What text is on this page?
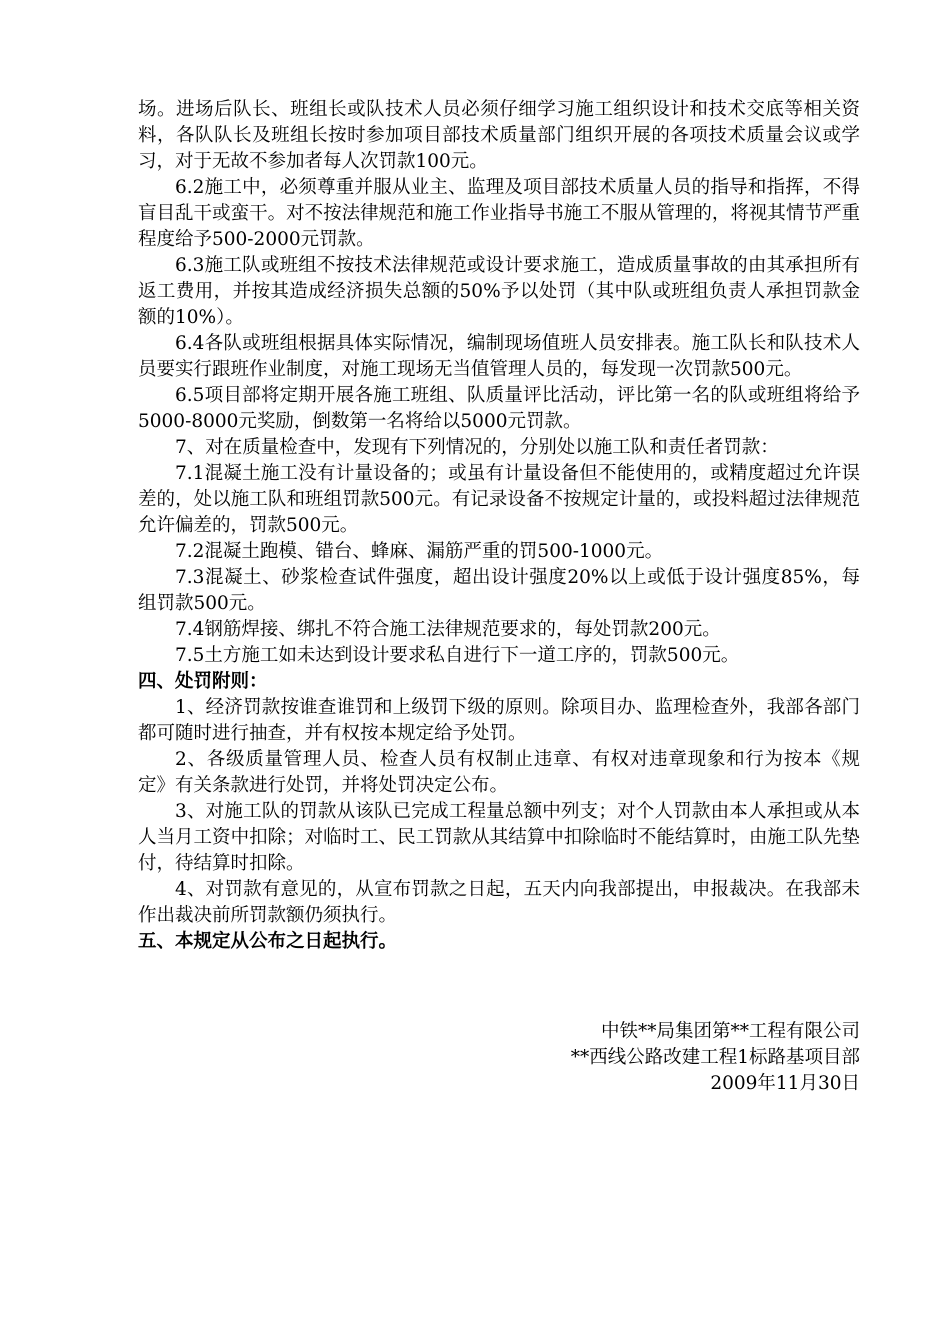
场。进场后队长、班组长或队技术人员必须仔细学习施工组织设计和技术交底等相关资料，各队队长及班组长按时参加项目部技术质量部门组织开展的各项技术质量会议或学习，对于无故不参加者每人次罚款100元。

6.2施工中，必须尊重并服从业主、监理及项目部技术质量人员的指导和指挥，不得盲目乱干或蛮干。对不按法律规范和施工作业指导书施工不服从管理的，将视其情节严重程度给予500-2000元罚款。

6.3施工队或班组不按技术法律规范或设计要求施工，造成质量事故的由其承担所有返工费用，并按其造成经济损失总额的50%予以处罚（其中队或班组负责人承担罚款金额的10%）。

6.4各队或班组根据具体实际情况，编制现场值班人员安排表。施工队长和队技术人员要实行跟班作业制度，对施工现场无当值管理人员的，每发现一次罚款500元。

6.5项目部将定期开展各施工班组、队质量评比活动，评比第一名的队或班组将给予5000-8000元奖励，倒数第一名将给以5000元罚款。

7、对在质量检查中，发现有下列情况的，分别处以施工队和责任者罚款：

7.1混凝土施工没有计量设备的；或虽有计量设备但不能使用的，或精度超过允许误差的，处以施工队和班组罚款500元。有记录设备不按规定计量的，或投料超过法律规范允许偏差的，罚款500元。

7.2混凝土跑模、错台、蜂麻、漏筋严重的罚500-1000元。

7.3混凝土、砂浆检查试件强度，超出设计强度20%以上或低于设计强度85%，每组罚款500元。

7.4钢筋焊接、绑扎不符合施工法律规范要求的，每处罚款200元。

7.5土方施工如未达到设计要求私自进行下一道工序的，罚款500元。

四、处罚附则：

1、经济罚款按谁查谁罚和上级罚下级的原则。除项目办、监理检查外，我部各部门都可随时进行抽查，并有权按本规定给予处罚。

2、各级质量管理人员、检查人员有权制止违章、有权对违章现象和行为按本《规定》有关条款进行处罚，并将处罚决定公布。

3、对施工队的罚款从该队已完成工程量总额中列支；对个人罚款由本人承担或从本人当月工资中扣除；对临时工、民工罚款从其结算中扣除临时不能结算时，由施工队先垫付，待结算时扣除。

4、对罚款有意见的，从宣布罚款之日起，五天内向我部提出，申报裁决。在我部未作出裁决前所罚款额仍须执行。

五、本规定从公布之日起执行。

中铁**局集团第**工程有限公司

**西线公路改建工程1标路基项目部

2009年11月30日
